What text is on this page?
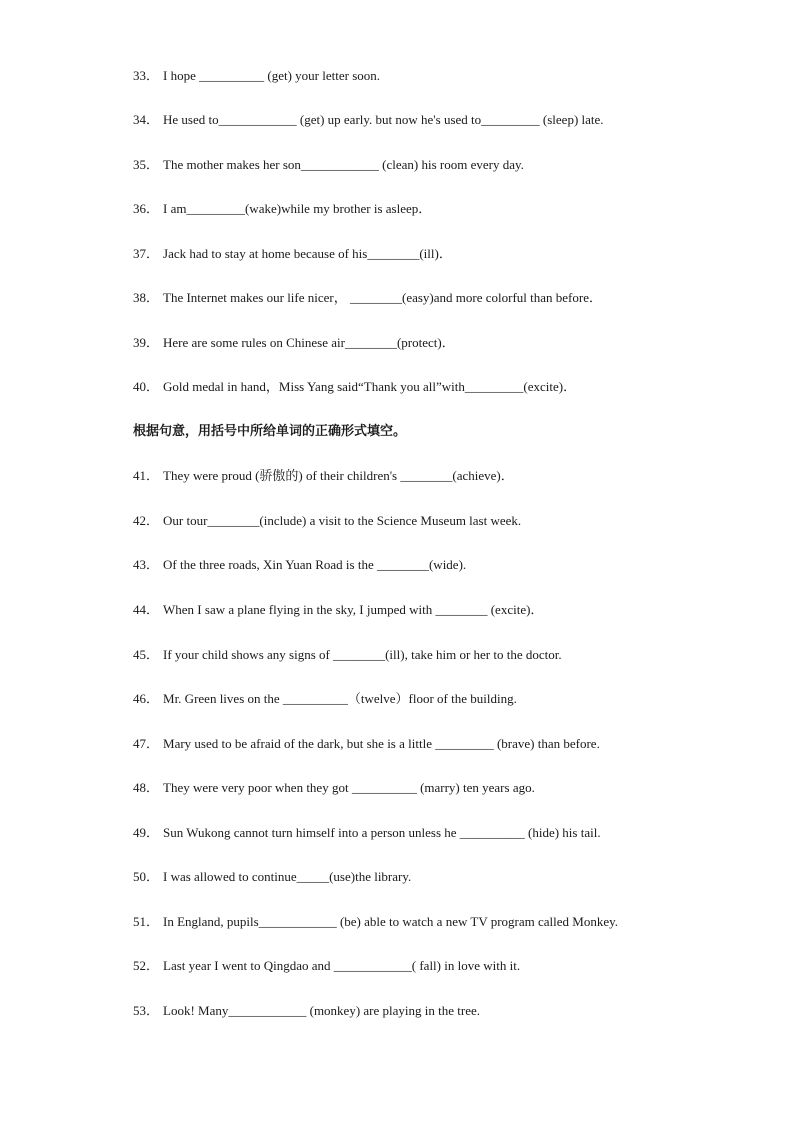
33． I hope __________ (get) your letter soon.
34． He used to____________ (get) up early. but now he's used to_________ (sleep) late.
35． The mother makes her son____________ (clean) his room every day.
36． I am_________(wake)while my brother is asleep．
37． Jack had to stay at home because of his________(ill)．
38． The Internet makes our life nicer， ________(easy)and more colorful than before．
39． Here are some rules on Chinese air________(protect)．
40． Gold medal in hand，Miss Yang said“Thank you all”with_________(excite)．
根据句意，用括号中所给单词的正确形式填空。
41． They were proud (骄傲的) of their children's ________(achieve)．
42． Our tour________(include) a visit to the Science Museum last week.
43． Of the three roads, Xin Yuan Road is the ________(wide).
44． When I saw a plane flying in the sky, I jumped with ________ (excite)．
45． If your child shows any signs of ________(ill), take him or her to the doctor.
46． Mr. Green lives on the __________（twelve）floor of the building.
47． Mary used to be afraid of the dark, but she is a little _________ (brave) than before.
48． They were very poor when they got __________ (marry) ten years ago.
49． Sun Wukong cannot turn himself into a person unless he __________ (hide) his tail.
50． I was allowed to continue_____(use)the library.
51． In England, pupils____________ (be) able to watch a new TV program called Monkey.
52． Last year I went to Qingdao and ____________( fall) in love with it.
53． Look! Many____________ (monkey) are playing in the tree.
